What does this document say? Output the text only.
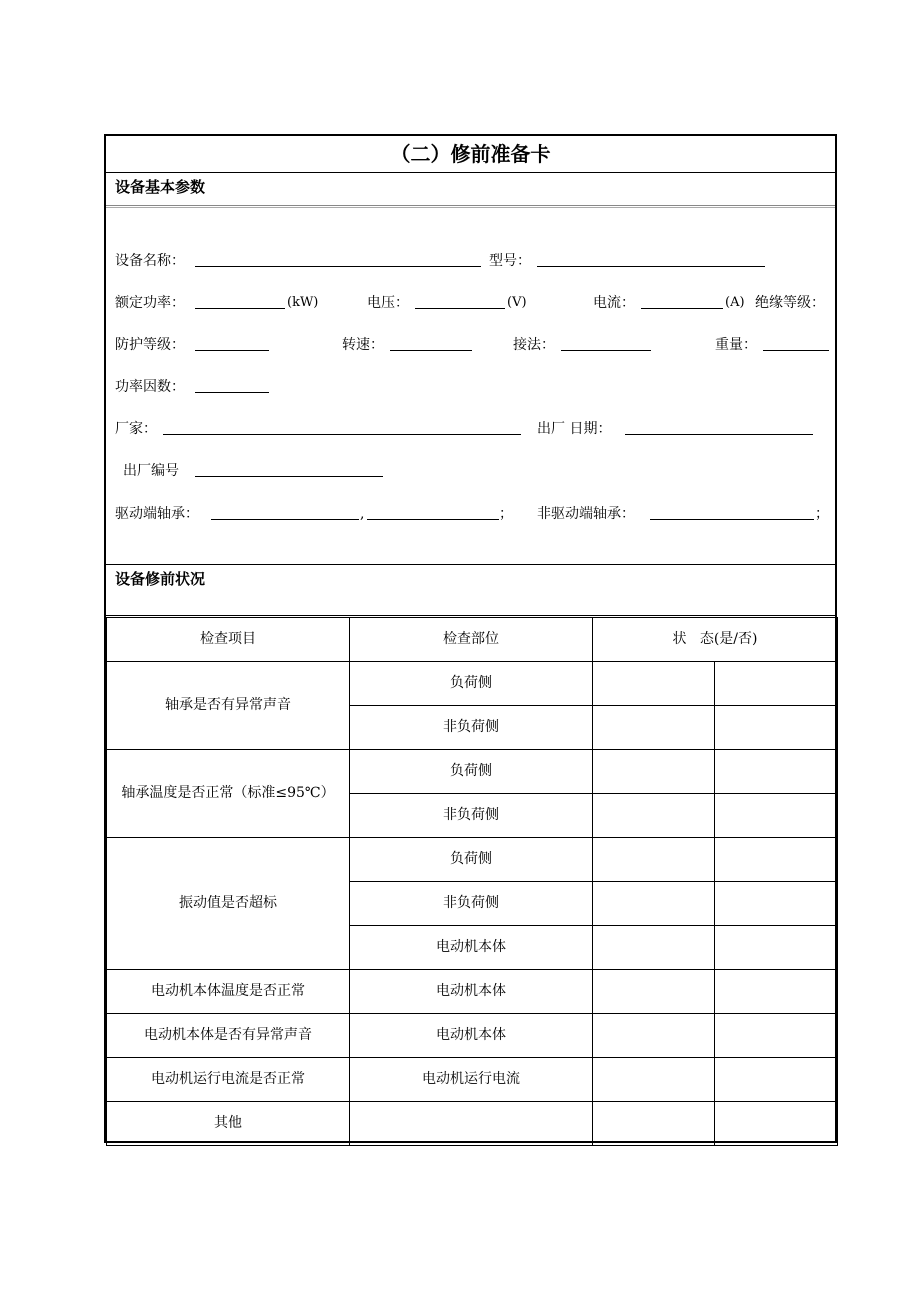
（二）修前准备卡
设备基本参数
设备名称：	型号：
额定功率：	(kW)	电压：	(V)	电流：	(A) 绝缘等级：
防护等级：	转速：	接法：	重量：
功率因数：
厂家：	出厂 日期：
出厂编号
驱动端轴承：	,	； 非驱动端轴承：	；
设备修前状况
检查项目	检查部位	状   态(是/否)	
轴承是否有异常声音	负荷侧		
	非负荷侧		
轴承温度是否正常（标准≤95℃）	负荷侧		
	非负荷侧		
振动值是否超标	负荷侧		
	非负荷侧		
	电动机本体		
电动机本体温度是否正常	电动机本体		
电动机本体是否有异常声音	电动机本体		
电动机运行电流是否正常	电动机运行电流		
其他			
